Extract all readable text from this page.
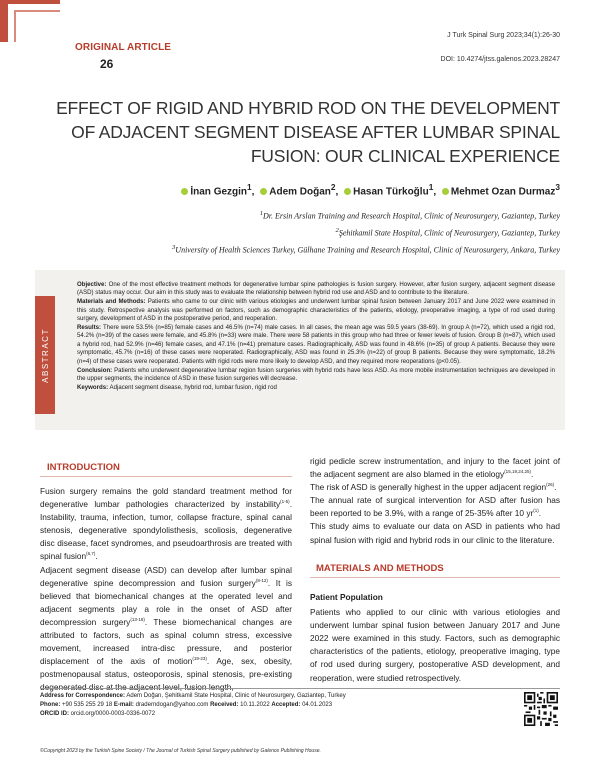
ORIGINAL ARTICLE
26
J Turk Spinal Surg 2023;34(1):26-30
DOI: 10.4274/jtss.galenos.2023.28247
EFFECT OF RIGID AND HYBRID ROD ON THE DEVELOPMENT OF ADJACENT SEGMENT DISEASE AFTER LUMBAR SPINAL FUSION: OUR CLINICAL EXPERIENCE
İnan Gezgin$^1$, Adem Doğan$^2$, Hasan Türkoğlu$^1$, Mehmet Ozan Durmaz$^3$
$^1$Dr. Ersin Arslan Training and Research Hospital, Clinic of Neurosurgery, Gaziantep, Turkey
$^2$Şehitkamil State Hospital, Clinic of Neurosurgery, Gaziantep, Turkey
$^3$University of Health Sciences Turkey, Gülhane Training and Research Hospital, Clinic of Neurosurgery, Ankara, Turkey
ABSTRACT

Objective: One of the most effective treatment methods for degenerative lumbar spine pathologies is fusion surgery. However, after fusion surgery, adjacent segment disease (ASD) status may occur. Our aim in this study was to evaluate the relationship between hybrid rod use and ASD and to contribute to the literature.

Materials and Methods: Patients who came to our clinic with various etiologies and underwent lumbar spinal fusion between January 2017 and June 2022 were examined in this study. Retrospective analysis was performed on factors, such as demographic characteristics of the patients, etiology, preoperative imaging, a type of rod used during surgery, development of ASD in the postoperative period, and reoperation.

Results: There were 53.5% (n=85) female cases and 46.5% (n=74) male cases. In all cases, the mean age was 59.5 years (38-69). In group A (n=72), which used a rigid rod, 54.2% (n=39) of the cases were female, and 45.8% (n=33) were male. There were 58 patients in this group who had three or fewer levels of fusion. Group B (n=87), which used a hybrid rod, had 52.9% (n=46) female cases, and 47.1% (n=41) premature cases. Radiographically, ASD was found in 48.6% (n=35) of group A patients. Because they were symptomatic, 45.7% (n=16) of these cases were reoperated. Radiographically, ASD was found in 25.3% (n=22) of group B patients. Because they were symptomatic, 18.2% (n=4) of these cases were reoperated. Patients with rigid rods were more likely to develop ASD, and they required more reoperations (p<0.05).

Conclusion: Patients who underwent degenerative lumbar region fusion surgeries with hybrid rods have less ASD. As more mobile instrumentation techniques are developed in the upper segments, the incidence of ASD in these fusion surgeries will decrease.

Keywords: Adjacent segment disease, hybrid rod, lumbar fusion, rigid rod

INTRODUCTION

Fusion surgery remains the gold standard treatment method for degenerative lumbar pathologies characterized by instability$^{(1-5)}$. Instability, trauma, infection, tumor, collapse fracture, spinal canal stenosis, degenerative spondylolisthesis, scoliosis, degenerative disc disease, facet syndromes, and pseudoarthrosis are treated with spinal fusion$^{(6,7)}$.

Adjacent segment disease (ASD) can develop after lumbar spinal degenerative spine decompression and fusion surgery$^{(8-12)}$. It is believed that biomechanical changes at the operated level and adjacent segments play a role in the onset of ASD after decompression surgery$^{(13-18)}$. These biomechanical changes are attributed to factors, such as spinal column stress, excessive movement, increased intra-disc pressure, and posterior displacement of the axis of motion$^{(19-23)}$. Age, sex, obesity, postmenopausal status, osteoporosis, spinal stenosis, pre-existing

rigid pedicle screw instrumentation, and injury to the facet joint of the adjacent segment are also blamed in the etiology$^{(15,19,24,25)}$.

The risk of ASD is generally highest in the upper adjacent region$^{(26)}$.

The annual rate of surgical intervention for ASD after fusion has been reported to be 3.9%, with a range of 25-35% after 10 $yr^{(1)}$.

This study aims to evaluate our data on ASD in patients who had spinal fusion with rigid and hybrid rods in our clinic to the literature.

MATERIALS AND METHODS

Patient Population

Patients who applied to our clinic with various etiologies and underwent lumbar spinal fusion between January 2017 and June 2022 were examined in this study. Factors, such as demographic characteristics of the patients, etiology, preoperative imaging, type of rod used during surgery, postoperative ASD development, and reoperation, were studied retrospectively.

Address for Correspondence: Adem Doğan, Şehitkamil State Hospital, Clinic of Neurosurgery, Gaziantep, Turkey
Phone: +90 535 255 29 18 E-mail: draderndogan@yahoo.com Received: 10.11.2022 Accepted: 04.01.2023
ORCID ID: orcid.org/0000-0003-0336-0072
©Copyright 2023 by the Turkish Spine Society / The Journal of Turkish Spinal Surgery published by Galenos Publishing House.
